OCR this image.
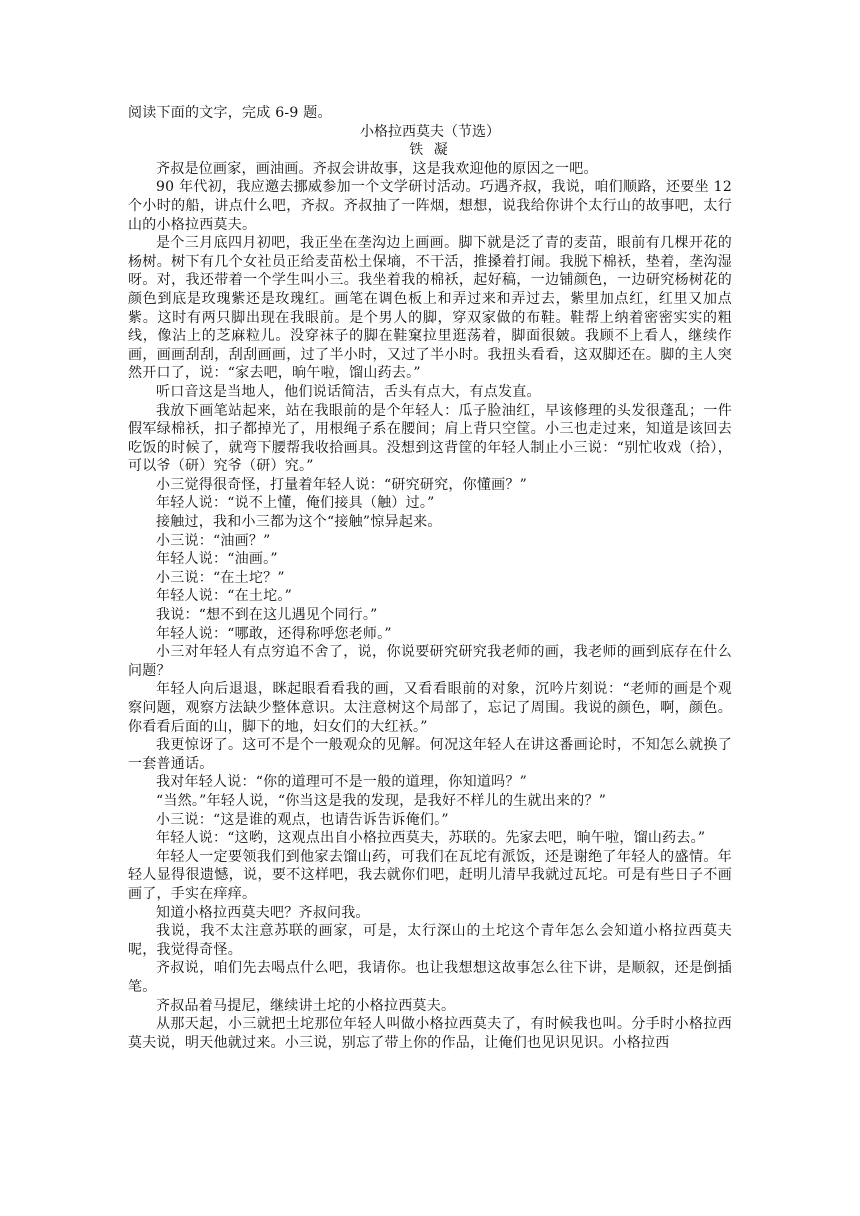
阅读下面的文字，完成 6-9 题。

小格拉西莫夫（节选）

铁 凝

齐叔是位画家，画油画。齐叔会讲故事，这是我欢迎他的原因之一吧。

90 年代初，我应邀去挪威参加一个文学研讨活动。巧遇齐叔，我说，咱们顺路，还要坐 12 个小时的船，讲点什么吧，齐叔。齐叔抽了一阵烟，想想，说我给你讲个太行山的故事吧，太行山的小格拉西莫夫。

是个三月底四月初吧，我正坐在垄沟边上画画。脚下就是泛了青的麦苗，眼前有几棵开花的杨树。树下有几个女社员正给麦苗松土保墒，不干活，推搡着打闹。我脱下棉袄，垫着，垄沟湿呀。对，我还带着一个学生叫小三。我坐着我的棉袄，起好稿，一边铺颜色，一边研究杨树花的颜色到底是玫瑰紫还是玫瑰红。画笔在调色板上和弄过来和弄过去，紫里加点红，红里又加点紫。这时有两只脚出现在我眼前。是个男人的脚，穿双家做的布鞋。鞋帮上纳着密密实实的粗线，像沾上的芝麻粒儿。没穿袜子的脚在鞋窠拉里逛荡着，脚面很皴。我顾不上看人，继续作画，画画刮刮，刮刮画画，过了半小时，又过了半小时。我扭头看看，这双脚还在。脚的主人突然开口了，说：“家去吧，晌午啦，馏山药去。”

听口音这是当地人，他们说话简洁，舌头有点大，有点发直。

我放下画笔站起来，站在我眼前的是个年轻人：瓜子脸油红，早该修理的头发很蓬乱；一件假军绿棉袄，扣子都掉光了，用根绳子系在腰间；肩上背只空筐。小三也走过来，知道是该回去吃饭的时候了，就弯下腰帮我收拾画具。没想到这背筐的年轻人制止小三说：“别忙收戏（拾），可以爷（研）究爷（研）究。”

小三觉得很奇怪，打量着年轻人说：“研究研究，你懂画？”

年轻人说：“说不上懂，俺们接具（触）过。”

接触过，我和小三都为这个“接触”惊异起来。

小三说：“油画？”

年轻人说：“油画。”

小三说：“在土坨？”

年轻人说：“在土坨。”

我说：“想不到在这儿遇见个同行。”

年轻人说：“哪敢，还得称呼您老师。”

小三对年轻人有点穷追不舍了，说，你说要研究研究我老师的画，我老师的画到底存在什么问题？

年轻人向后退退，眯起眼看看我的画，又看看眼前的对象，沉吟片刻说：“老师的画是个观察问题，观察方法缺少整体意识。太注意树这个局部了，忘记了周围。我说的颜色，啊，颜色。你看看后面的山，脚下的地，妇女们的大红袄。”

我更惊讶了。这可不是个一般观众的见解。何况这年轻人在讲这番画论时，不知怎么就换了一套普通话。

我对年轻人说：“你的道理可不是一般的道理，你知道吗？”

“当然。”年轻人说，“你当这是我的发现，是我好不样儿的生就出来的？”

小三说：“这是谁的观点，也请告诉告诉俺们。”

年轻人说：“这哟，这观点出自小格拉西莫夫，苏联的。先家去吧，晌午啦，馏山药去。”

年轻人一定要领我们到他家去馏山药，可我们在瓦坨有派饭，还是谢绝了年轻人的盛情。年轻人显得很遗憾，说，要不这样吧，我去就你们吧，赶明儿清早我就过瓦坨。可是有些日子不画画了，手实在痒痒。

知道小格拉西莫夫吧？齐叔问我。

我说，我不太注意苏联的画家，可是，太行深山的土坨这个青年怎么会知道小格拉西莫夫呢，我觉得奇怪。

齐叔说，咱们先去喝点什么吧，我请你。也让我想想这故事怎么往下讲，是顺叙，还是倒插笔。

齐叔品着马提尼，继续讲土坨的小格拉西莫夫。

从那天起，小三就把土坨那位年轻人叫做小格拉西莫夫了，有时候我也叫。分手时小格拉西莫夫说，明天他就过来。小三说，别忘了带上你的作品，让俺们也见识见识。小格拉西
